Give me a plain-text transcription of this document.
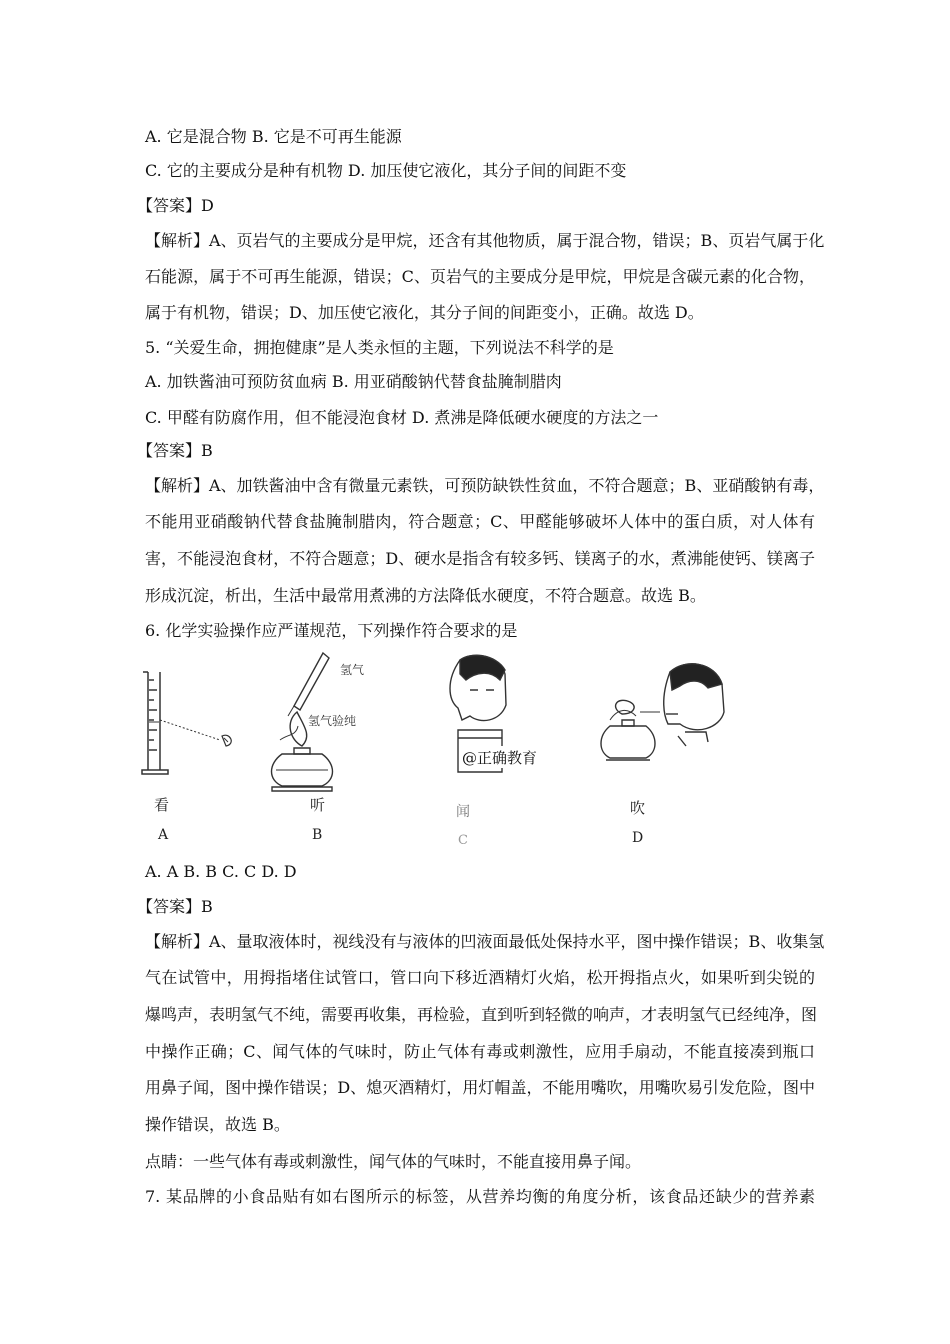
A. 它是混合物 B. 它是不可再生能源
C. 它的主要成分是种有机物 D. 加压使它液化，其分子间的间距不变
【答案】D
【解析】A、页岩气的主要成分是甲烷，还含有其他物质，属于混合物，错误；B、页岩气属于化
石能源，属于不可再生能源，错误；C、页岩气的主要成分是甲烷，甲烷是含碳元素的化合物，
属于有机物，错误；D、加压使它液化，其分子间的间距变小，正确。故选 D。
5. “关爱生命，拥抱健康”是人类永恒的主题，下列说法不科学的是
A. 加铁酱油可预防贫血病 B. 用亚硝酸钠代替食盐腌制腊肉
C. 甲醛有防腐作用，但不能浸泡食材 D. 煮沸是降低硬水硬度的方法之一
【答案】B
【解析】A、加铁酱油中含有微量元素铁，可预防缺铁性贫血，不符合题意；B、亚硝酸钠有毒，
不能用亚硝酸钠代替食盐腌制腊肉，符合题意；C、甲醛能够破坏人体中的蛋白质，对人体有
害，不能浸泡食材，不符合题意；D、硬水是指含有较多钙、镁离子的水，煮沸能使钙、镁离子
形成沉淀，析出，生活中最常用煮沸的方法降低水硬度，不符合题意。故选 B。
6. 化学实验操作应严谨规范，下列操作符合要求的是
看
A
氢气
氢气验纯
听
B
@正确教育
闻
C
吹
D
A. A B. B C. C D. D
【答案】B
【解析】A、量取液体时，视线没有与液体的凹液面最低处保持水平，图中操作错误；B、收集氢
气在试管中，用拇指堵住试管口，管口向下移近酒精灯火焰，松开拇指点火，如果听到尖锐的
爆鸣声，表明氢气不纯，需要再收集，再检验，直到听到轻微的响声，才表明氢气已经纯净，图
中操作正确；C、闻气体的气味时，防止气体有毒或刺激性，应用手扇动，不能直接凑到瓶口
用鼻子闻，图中操作错误；D、熄灭酒精灯，用灯帽盖，不能用嘴吹，用嘴吹易引发危险，图中
操作错误，故选 B。
点睛：一些气体有毒或刺激性，闻气体的气味时，不能直接用鼻子闻。
7. 某品牌的小食品贴有如右图所示的标签，从营养均衡的角度分析，该食品还缺少的营养素
